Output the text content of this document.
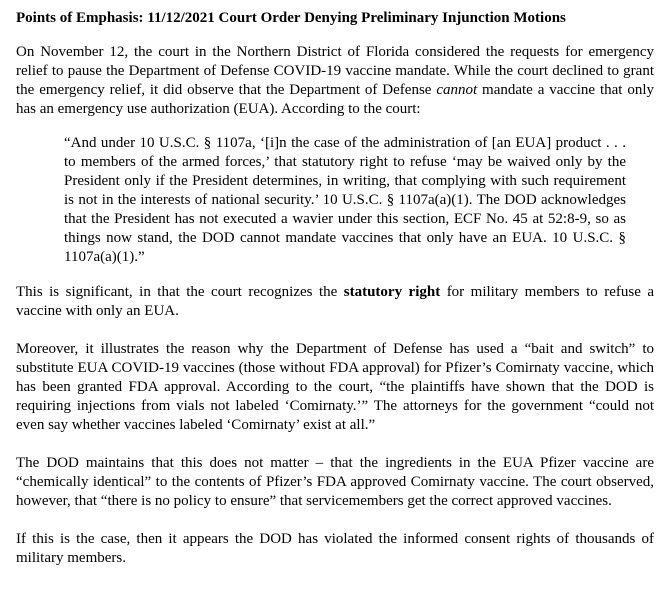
Points of Emphasis: 11/12/2021 Court Order Denying Preliminary Injunction Motions

On November 12, the court in the Northern District of Florida considered the requests for emergency relief to pause the Department of Defense COVID-19 vaccine mandate. While the court declined to grant the emergency relief, it did observe that the Department of Defense cannot mandate a vaccine that only has an emergency use authorization (EUA). According to the court:

“And under 10 U.S.C. § 1107a, ‘[i]n the case of the administration of [an EUA] product . . . to members of the armed forces,’ that statutory right to refuse ‘may be waived only by the President only if the President determines, in writing, that complying with such requirement is not in the interests of national security.’ 10 U.S.C. § 1107a(a)(1). The DOD acknowledges that the President has not executed a wavier under this section, ECF No. 45 at 52:8-9, so as things now stand, the DOD cannot mandate vaccines that only have an EUA. 10 U.S.C. § 1107a(a)(1).”

This is significant, in that the court recognizes the statutory right for military members to refuse a vaccine with only an EUA.

Moreover, it illustrates the reason why the Department of Defense has used a “bait and switch” to substitute EUA COVID-19 vaccines (those without FDA approval) for Pfizer’s Comirnaty vaccine, which has been granted FDA approval. According to the court, “the plaintiffs have shown that the DOD is requiring injections from vials not labeled ‘Comirnaty.’” The attorneys for the government “could not even say whether vaccines labeled ‘Comirnaty’ exist at all.”

The DOD maintains that this does not matter – that the ingredients in the EUA Pfizer vaccine are “chemically identical” to the contents of Pfizer’s FDA approved Comirnaty vaccine. The court observed, however, that “there is no policy to ensure” that servicemembers get the correct approved vaccines.

If this is the case, then it appears the DOD has violated the informed consent rights of thousands of military members.
